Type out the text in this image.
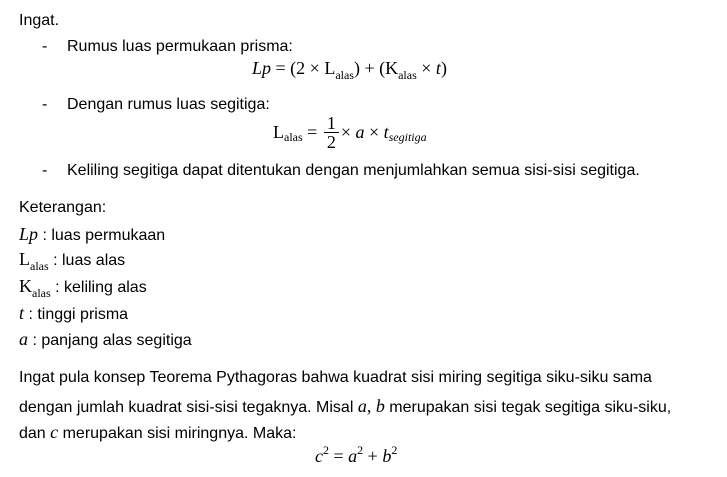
Ingat.
- Rumus luas permukaan prisma:
$Lp = (2 \times L_{alas}) + (K_{alas} \times t)$
- Dengan rumus luas segitiga:
$L_{alas} = \frac{1}{2} \times a \times t_{segitiga}$
- Keliling segitiga dapat ditentukan dengan menjumlahkan semua sisi-sisi segitiga.
Keterangan:
Lp : luas permukaan
$L_{alas}$ : luas alas
$K_{alas}$ : keliling alas
t : tinggi prisma
a : panjang alas segitiga
Ingat pula konsep Teorema Pythagoras bahwa kuadrat sisi miring segitiga siku-siku sama
dengan jumlah kuadrat sisi-sisi tegaknya. Misal a, b merupakan sisi tegak segitiga siku-siku,
dan c merupakan sisi miringnya. Maka:
$c^2 = a^2 + b^2$
